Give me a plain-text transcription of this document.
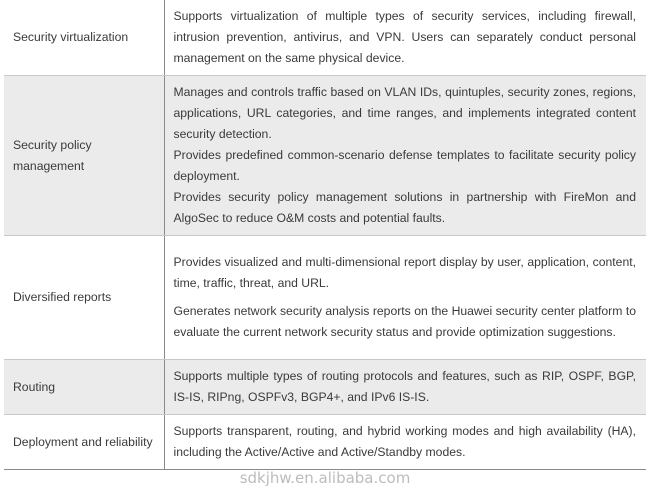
Security virtualization	Supports virtualization of multiple types of security services, including firewall, intrusion prevention, antivirus, and VPN. Users can separately conduct personal management on the same physical device.

Security policy management	Manages and controls traffic based on VLAN IDs, quintuples, security zones, regions, applications, URL categories, and time ranges, and implements integrated content security detection.

Provides predefined common-scenario defense templates to facilitate security policy deployment.

Provides security policy management solutions in partnership with FireMon and AlgoSec to reduce O&M costs and potential faults.

Diversified reports	Provides visualized and multi-dimensional report display by user, application, content, time, traffic, threat, and URL.

Generates network security analysis reports on the Huawei security center platform to evaluate the current network security status and provide optimization suggestions.

Routing	Supports multiple types of routing protocols and features, such as RIP, OSPF, BGP, IS-IS, RIPng, OSPFv3, BGP4+, and IPv6 IS-IS.

Deployment and reliability	Supports transparent, routing, and hybrid working modes and high availability (HA), including the Active/Active and Active/Standby modes.

sdkjhw.en.alibaba.com
